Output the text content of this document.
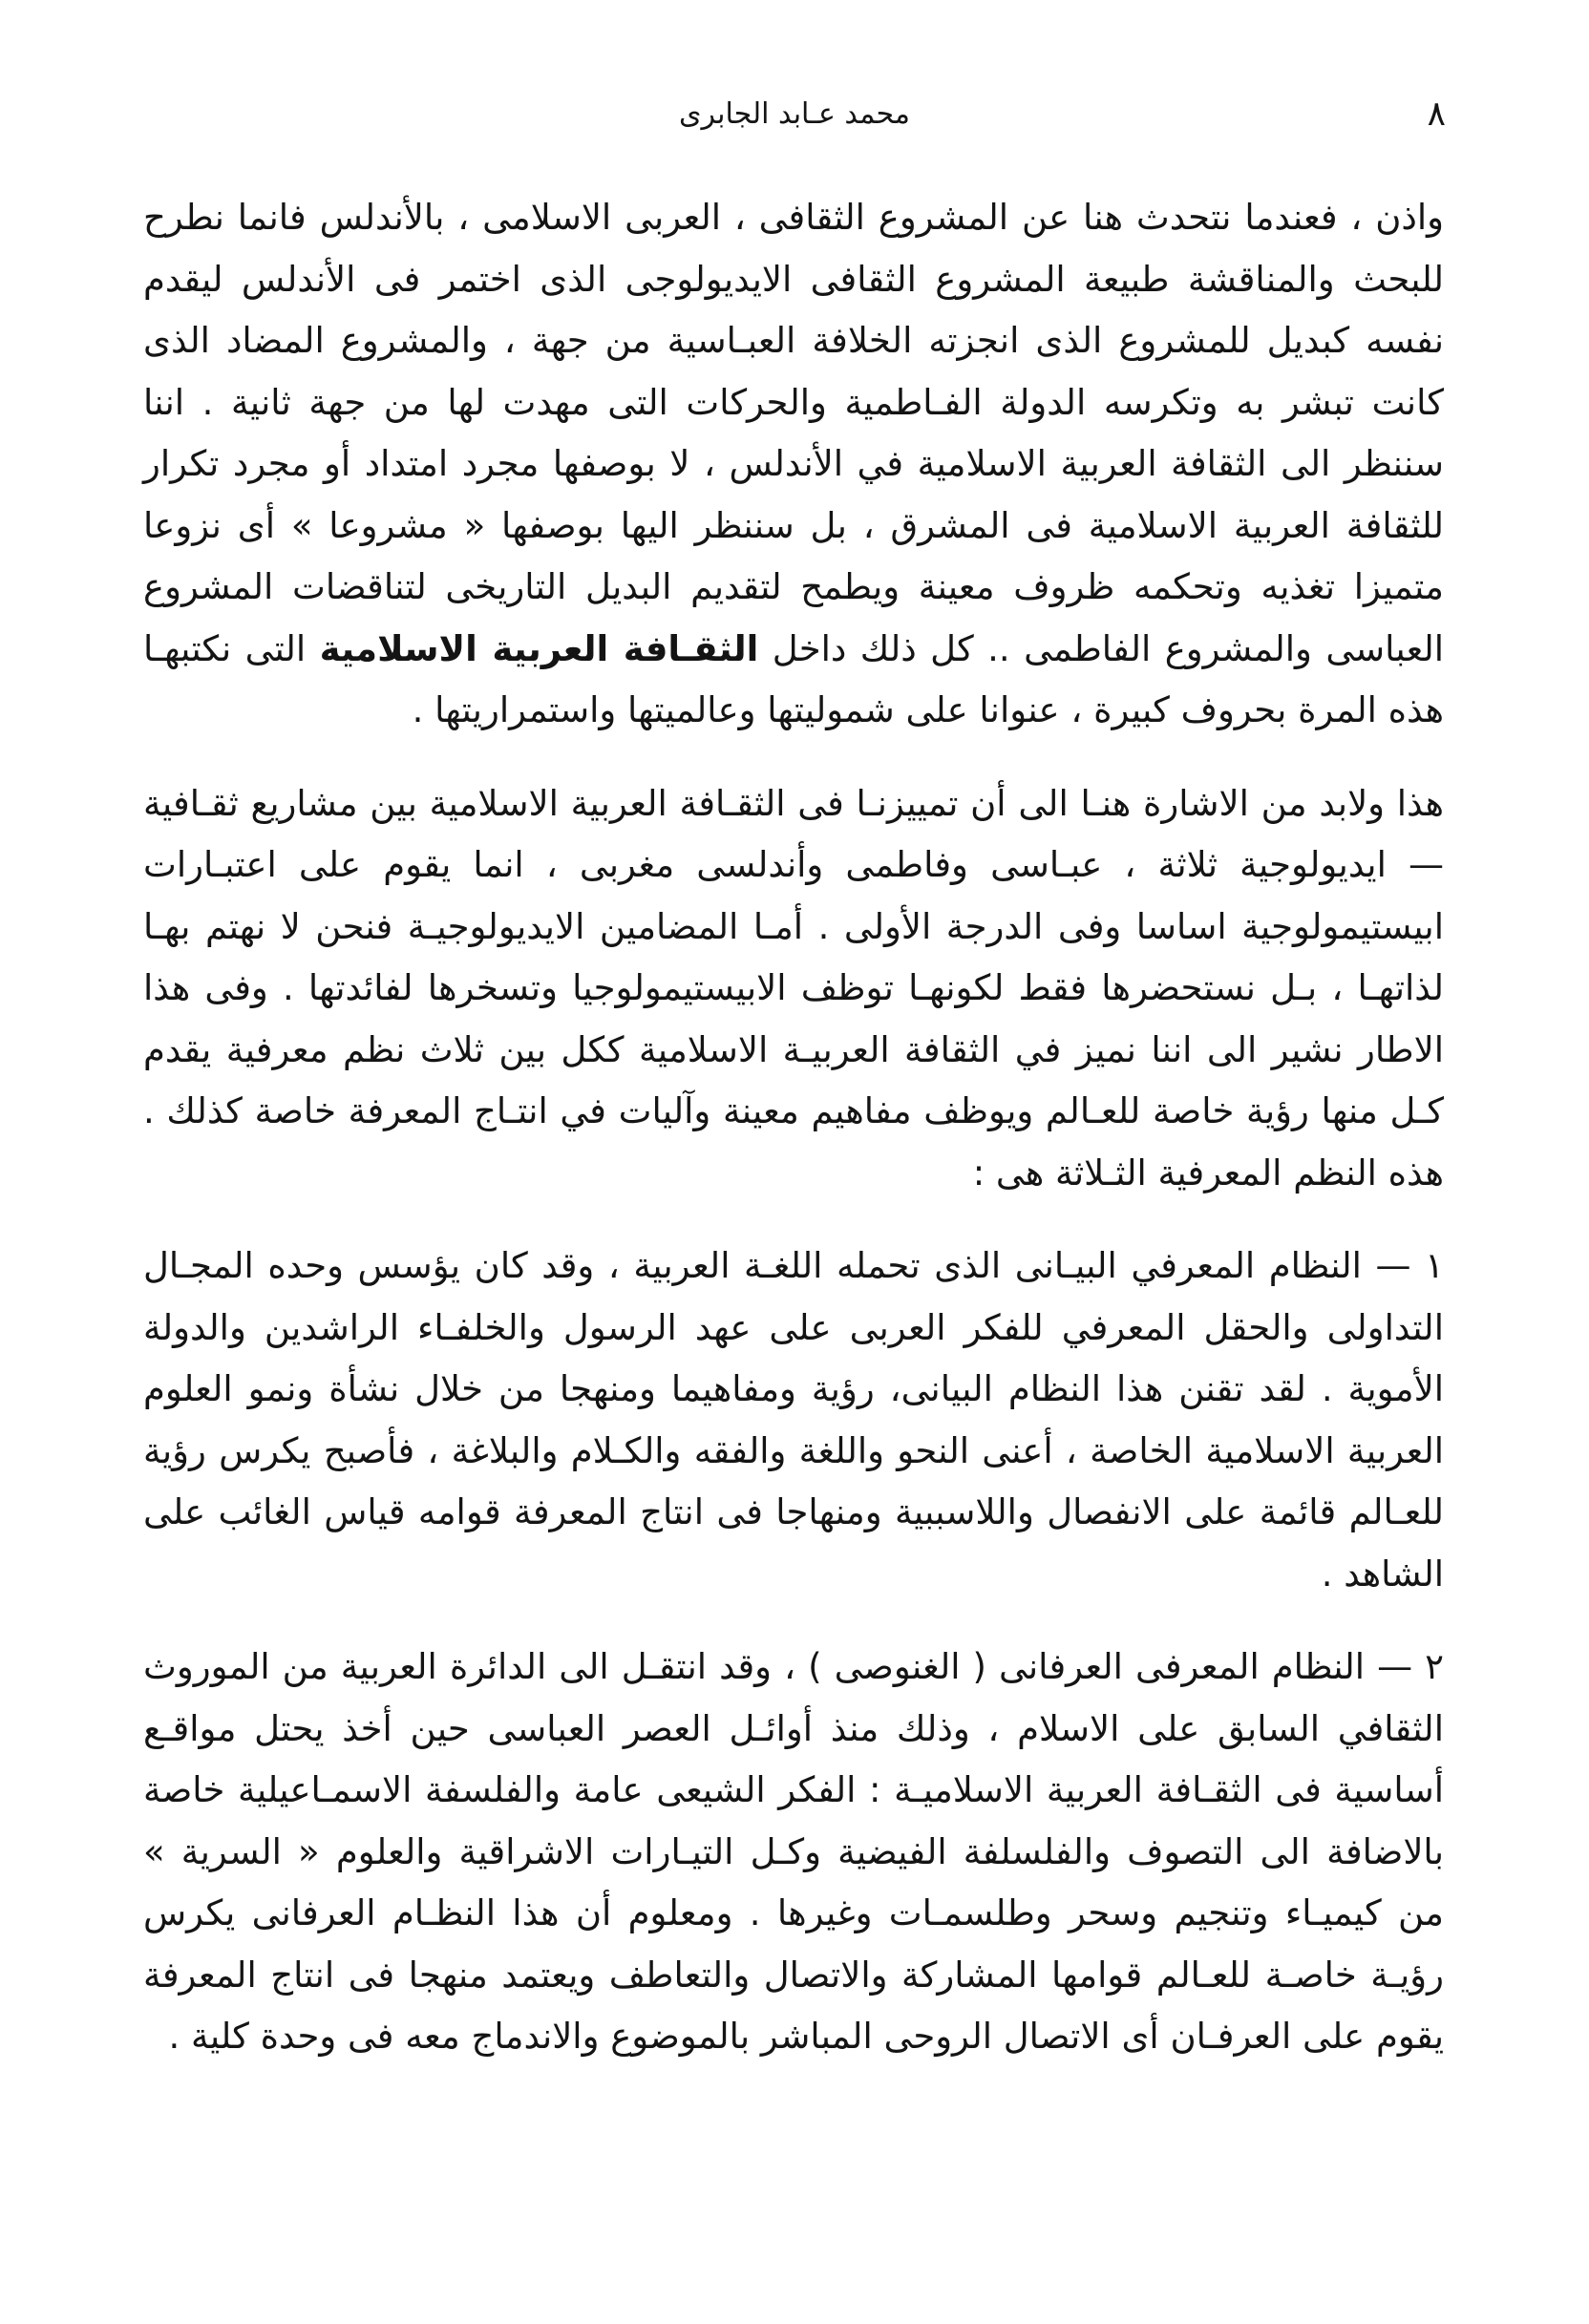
٨
محمد عـابد الجابرى

واذن ، فعندما نتحدث هنا عن المشروع الثقافى ، العربى الاسلامى ، بالأندلس فانما نطرح للبحث والمناقشة طبيعة المشروع الثقافى الايديولوجى الذى اختمر فى الأندلس ليقدم نفسه كبديل للمشروع الذى انجزته الخلافة العبـاسية من جهة ، والمشروع المضاد الذى كانت تبشر به وتكرسه الدولة الفـاطمية والحركات التى مهدت لها من جهة ثانية . اننا سننظر الى الثقافة العربية الاسلامية في الأندلس ، لا بوصفها مجرد امتداد أو مجرد تكرار للثقافة العربية الاسلامية فى المشرق ، بل سننظر اليها بوصفها « مشروعا » أى نزوعا متميزا تغذيه وتحكمه ظروف معينة ويطمح لتقديم البديل التاريخى لتناقضات المشروع العباسى والمشروع الفاطمى .. كل ذلك داخل الثقـافة العربية الاسلامية التى نكتبهـا هذه المرة بحروف كبيرة ، عنوانا على شموليتها وعالميتها واستمراريتها .

هذا ولابد من الاشارة هنـا الى أن تمييزنـا فى الثقـافة العربية الاسلامية بين مشاريع ثقـافية — ايديولوجية ثلاثة ، عبـاسى وفاطمى وأندلسى مغربى ، انما يقوم على اعتبـارات ابيستيمولوجية اساسا وفى الدرجة الأولى . أمـا المضامين الايديولوجيـة فنحن لا نهتم بهـا لذاتهـا ، بـل نستحضرها فقط لكونهـا توظف الابيستيمولوجيا وتسخرها لفائدتها . وفى هذا الاطار نشير الى اننا نميز في الثقافة العربيـة الاسلامية ككل بين ثلاث نظم معرفية يقدم كـل منها رؤية خاصة للعـالم ويوظف مفاهيم معينة وآليات في انتـاج المعرفة خاصة كذلك . هذه النظم المعرفية الثـلاثة هى :

١ — النظام المعرفي البيـانى الذى تحمله اللغـة العربية ، وقد كان يؤسس وحده المجـال التداولى والحقل المعرفي للفكر العربى على عهد الرسول والخلفـاء الراشدين والدولة الأموية . لقد تقنن هذا النظام البيانى، رؤية ومفاهيما ومنهجا من خلال نشأة ونمو العلوم العربية الاسلامية الخاصة ، أعنى النحو واللغة والفقه والكـلام والبلاغة ، فأصبح يكرس رؤية للعـالم قائمة على الانفصال واللاسببية ومنهاجا فى انتاج المعرفة قوامه قياس الغائب على الشاهد .

٢ — النظام المعرفى العرفانى ( الغنوصى ) ، وقد انتقـل الى الدائرة العربية من الموروث الثقافي السابق على الاسلام ، وذلك منذ أوائـل العصر العباسى حين أخذ يحتل مواقـع أساسية فى الثقـافة العربية الاسلاميـة : الفكر الشيعى عامة والفلسفة الاسمـاعيلية خاصة بالاضافة الى التصوف والفلسلفة الفيضية وكـل التيـارات الاشراقية والعلوم « السرية » من كيميـاء وتنجيم وسحر وطلسمـات وغيرها . ومعلوم أن هذا النظـام العرفانى يكرس رؤيـة خاصـة للعـالم قوامها المشاركة والاتصال والتعاطف ويعتمد منهجا فى انتاج المعرفة يقوم على العرفـان أى الاتصال الروحى المباشر بالموضوع والاندماج معه فى وحدة كلية .
